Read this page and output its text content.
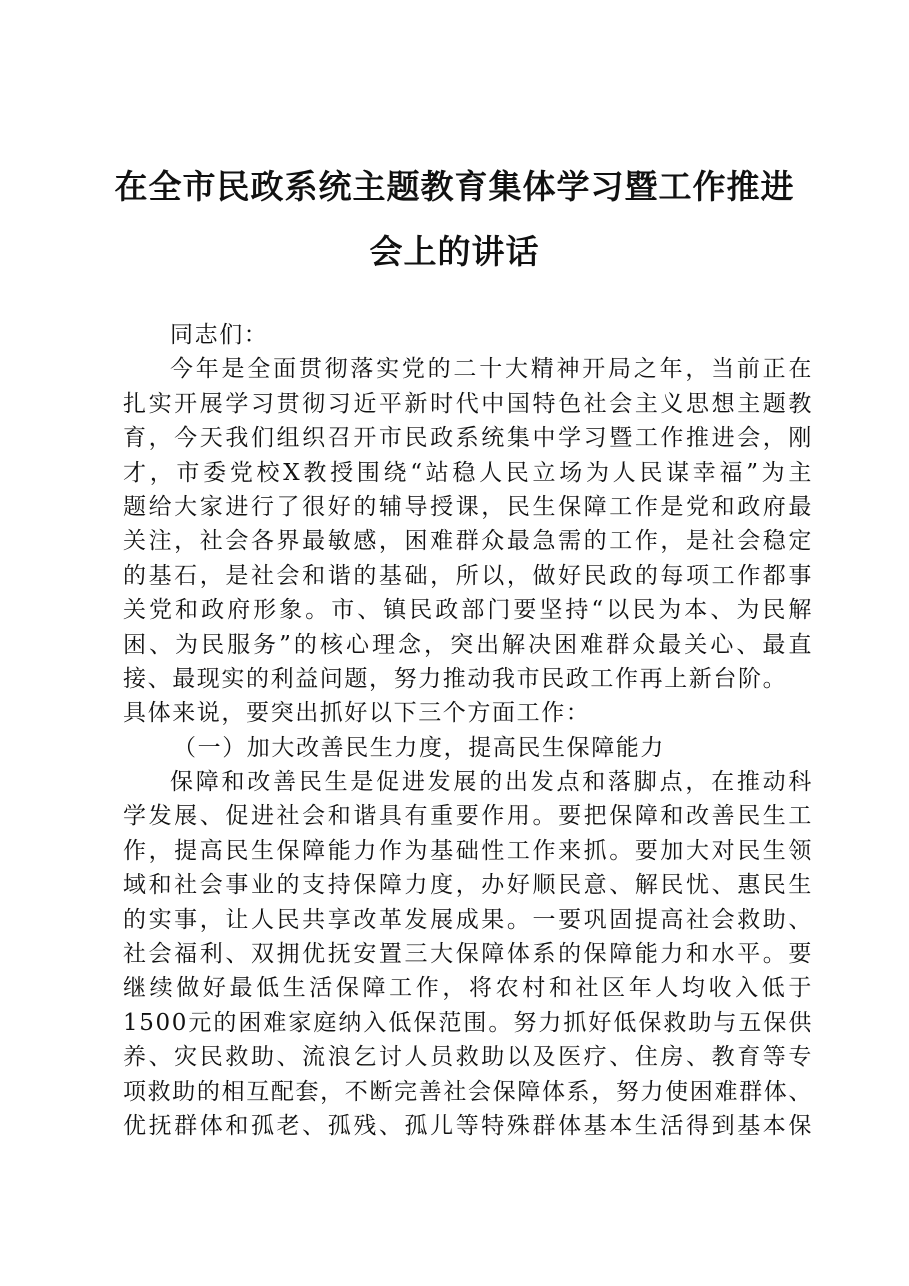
在全市民政系统主题教育集体学习暨工作推进
会上的讲话
同志们：
今年是全面贯彻落实党的二十大精神开局之年，当前正在
扎实开展学习贯彻习近平新时代中国特色社会主义思想主题教
育，今天我们组织召开市民政系统集中学习暨工作推进会，刚
才，市委党校X教授围绕“站稳人民立场为人民谋幸福”为主
题给大家进行了很好的辅导授课，民生保障工作是党和政府最
关注，社会各界最敏感，困难群众最急需的工作，是社会稳定
的基石，是社会和谐的基础，所以，做好民政的每项工作都事
关党和政府形象。市、镇民政部门要坚持“以民为本、为民解
困、为民服务”的核心理念，突出解决困难群众最关心、最直
接、最现实的利益问题，努力推动我市民政工作再上新台阶。
具体来说，要突出抓好以下三个方面工作：
（一）加大改善民生力度，提高民生保障能力
保障和改善民生是促进发展的出发点和落脚点，在推动科
学发展、促进社会和谐具有重要作用。要把保障和改善民生工
作，提高民生保障能力作为基础性工作来抓。要加大对民生领
域和社会事业的支持保障力度，办好顺民意、解民忧、惠民生
的实事，让人民共享改革发展成果。一要巩固提高社会救助、
社会福利、双拥优抚安置三大保障体系的保障能力和水平。要
继续做好最低生活保障工作，将农村和社区年人均收入低于
1500元的困难家庭纳入低保范围。努力抓好低保救助与五保供
养、灾民救助、流浪乞讨人员救助以及医疗、住房、教育等专
项救助的相互配套，不断完善社会保障体系，努力使困难群体、
优抚群体和孤老、孤残、孤儿等特殊群体基本生活得到基本保
